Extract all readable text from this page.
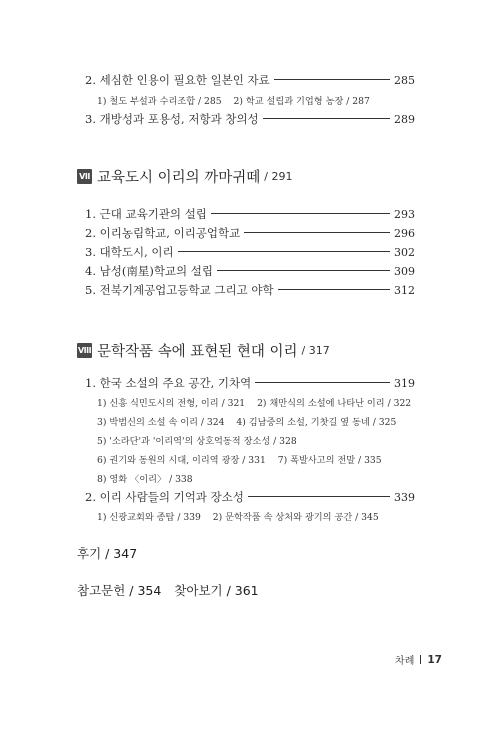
2. 세심한 인용이 필요한 일본인 자료	285
1) 철도 부설과 수리조합 / 285 2) 학교 설립과 기업형 농장 / 287
3. 개방성과 포용성, 저항과 창의성	289
VII 교육도시 이리의 까마귀떼 / 291
1. 근대 교육기관의 설립	293
2. 이리농림학교, 이리공업학교	296
3. 대학도시, 이리	302
4. 남성(南星)학교의 설립	309
5. 전북기계공업고등학교 그리고 야학	312
VIII 문학작품 속에 표현된 현대 이리 / 317
1. 한국 소설의 주요 공간, 기차역	319
1) 신흥 식민도시의 전형, 이리 / 321 2) 채만식의 소설에 나타난 이리 / 322
3) 박범신의 소설 속 이리 / 324 4) 김남중의 소설, 기찻길 옆 동네 / 325
5) '소라단'과 '이리역'의 상호억동적 장소성 / 328
6) 권기와 동원의 시대, 이리역 광장 / 331 7) 폭발사고의 전말 / 335
8) 영화 〈이리〉 / 338
2. 이리 사람들의 기억과 장소성	339
1) 신광교회와 종탑 / 339 2) 문학작품 속 상처와 광기의 공간 / 345
후기 / 347
참고문헌 / 354 찾아보기 / 361
차례 17
